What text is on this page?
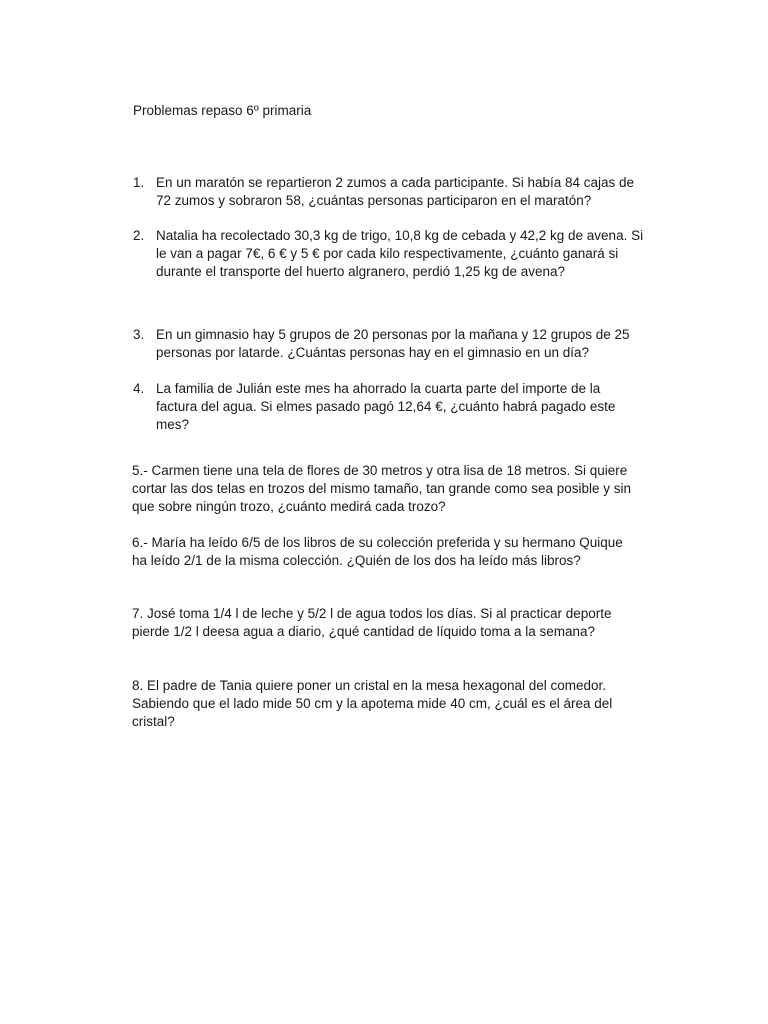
Problemas repaso 6º primaria
1. En un maratón se repartieron 2 zumos a cada participante. Si había 84 cajas de
72 zumos y sobraron 58, ¿cuántas personas participaron en el maratón?
2. Natalia ha recolectado 30,3 kg de trigo, 10,8 kg de cebada y 42,2 kg de avena. Si
le van a pagar 7€, 6 € y 5 € por cada kilo respectivamente, ¿cuánto ganará si
durante el transporte del huerto algranero, perdió 1,25 kg de avena?
3. En un gimnasio hay 5 grupos de 20 personas por la mañana y 12 grupos de 25
personas por latarde. ¿Cuántas personas hay en el gimnasio en un día?
4. La familia de Julián este mes ha ahorrado la cuarta parte del importe de la
factura del agua. Si elmes pasado pagó 12,64 €, ¿cuánto habrá pagado este
mes?
5.- Carmen tiene una tela de flores de 30 metros y otra lisa de 18 metros. Si quiere
cortar las dos telas en trozos del mismo tamaño, tan grande como sea posible y sin
que sobre ningún trozo, ¿cuánto medirá cada trozo?
6.- María ha leído 6/5 de los libros de su colección preferida y su hermano Quique
ha leído 2/1 de la misma colección. ¿Quién de los dos ha leído más libros?
7. José toma 1/4 l de leche y 5/2 l de agua todos los días. Si al practicar deporte
pierde 1/2 l deesa agua a diario, ¿qué cantidad de líquido toma a la semana?
8. El padre de Tania quiere poner un cristal en la mesa hexagonal del comedor.
Sabiendo que el lado mide 50 cm y la apotema mide 40 cm, ¿cuál es el área del
cristal?
